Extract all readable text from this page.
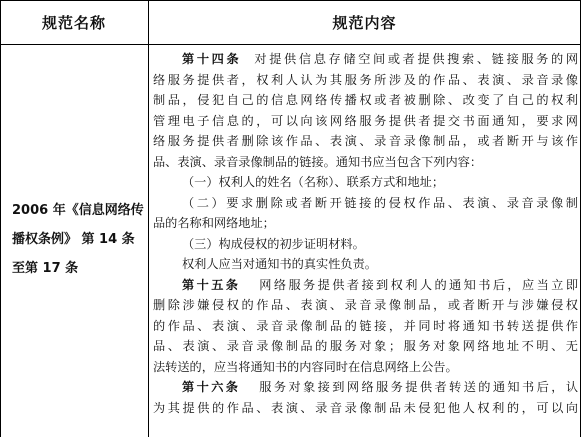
规范名称	规范内容
2006 年《信息网络传
播权条例》 第 14 条
至第 17 条
第十四条 对提供信息存储空间或者提供搜索、链接服务的网
络服务提供者，权利人认为其服务所涉及的作品、表演、录音录像
制品，侵犯自己的信息网络传播权或者被删除、改变了自己的权利
管理电子信息的，可以向该网络服务提供者提交书面通知，要求网
络服务提供者删除该作品、表演、录音录像制品，或者断开与该作
品、表演、录音录像制品的链接。通知书应当包含下列内容：
（一）权利人的姓名（名称）、联系方式和地址；
（二）要求删除或者断开链接的侵权作品、表演、录音录像制
品的名称和网络地址；
（三）构成侵权的初步证明材料。
权利人应当对通知书的真实性负责。
第十五条 网络服务提供者接到权利人的通知书后，应当立即
删除涉嫌侵权的作品、表演、录音录像制品，或者断开与涉嫌侵权
的作品、表演、录音录像制品的链接，并同时将通知书转送提供作
品、表演、录音录像制品的服务对象；服务对象网络地址不明、无
法转送的，应当将通知书的内容同时在信息网络上公告。
第十六条 服务对象接到网络服务提供者转送的通知书后，认
为其提供的作品、表演、录音录像制品未侵犯他人权利的，可以向
